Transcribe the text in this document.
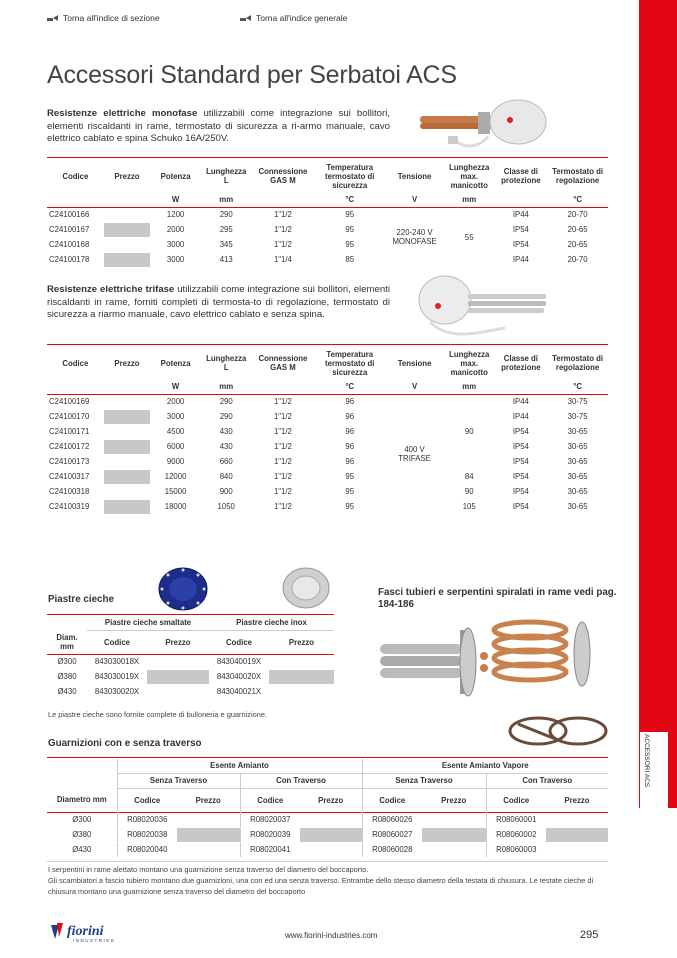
Torna all'indice di sezione	Torna all'indice generale
ACCESSORI ACS
Accessori Standard per Serbatoi ACS
Resistenze elettriche monofase utilizzabili come integrazione sui bollitori, elementi riscaldanti in rame, termostato di sicurezza a ri-armo manuale, cavo elettrico cablato e spina Schuko 16A/250V.
Codice	Prezzo	Potenza	Lunghezza L	Connessione GAS M	Temperatura termostato di sicurezza	Tensione	Lunghezza max. manicotto	Classe di protezione	Termostato di regolazione
		W	mm		°C	V	mm		°C
C24100166		1200	290	1"1/2	95	220-240 V MONOFASE	55	IP44	20-70
C24100167		2000	295	1"1/2	95			IP54	20-65
C24100168		3000	345	1"1/2	95			IP54	20-65
C24100178		3000	413	1"1/4	85			IP44	20-70
Resistenze elettriche trifase utilizzabili come integrazione sui bollitori, elementi riscaldanti in rame, forniti completi di termosta-to di regolazione, termostato di sicurezza a riarmo manuale, cavo elettrico cablato e senza spina.
Codice	Prezzo	Potenza	Lunghezza L	Connessione GAS M	Temperatura termostato di sicurezza	Tensione	Lunghezza max. manicotto	Classe di protezione	Termostato di regolazione
		W	mm		°C	V	mm		°C
C24100169		2000	290	1"1/2	96	400 V TRIFASE	90	IP44	30-75
C24100170		3000	290	1"1/2	96			IP44	30-75
C24100171		4500	430	1"1/2	96			IP54	30-65
C24100172		6000	430	1"1/2	96			IP54	30-65
C24100173		9000	660	1"1/2	96			IP54	30-65
C24100317		12000	840	1"1/2	95		84	IP54	30-65
C24100318		15000	900	1"1/2	95		90	IP54	30-65
C24100319		18000	1050	1"1/2	95		105	IP54	30-65
Piastre cieche
	Piastre cieche smaltate		Piastre cieche inox	
Diam. mm	Codice	Prezzo	Codice	Prezzo
Ø300	843030018X		843040019X	
Ø380	843030019X		843040020X	
Ø430	843030020X		843040021X	
Le piastre cieche sono fornite complete di bulloneria e guarnizione.
Fasci tubieri e serpentini spiralati in rame vedi pag. 184-186
Guarnizioni con e senza traverso
	Esente Amianto				Esente Amianto Vapore			
	Senza Traverso		Con Traverso		Senza Traverso		Con Traverso	
Diametro mm	Codice	Prezzo	Codice	Prezzo	Codice	Prezzo	Codice	Prezzo
Ø300	R08020036		R08020037		R08060026		R08060001	
Ø380	R08020038		R08020039		R08060027		R08060002	
Ø430	R08020040		R08020041		R08060028		R08060003	
I serpentini in rame alettato montano una guarnizione senza traverso del diametro del boccaporto.
Gli scambiatori a fascio tubiero montano due guarnizioni, una con ed una senza traverso. Entrambe dello stesso diametro della testata di chiusura. Le testate cieche di chiusura montano una guarnizione senza traverso del diametro del boccaporto
fiorini
INDUSTRIES
www.fiorini-industries.com	295
